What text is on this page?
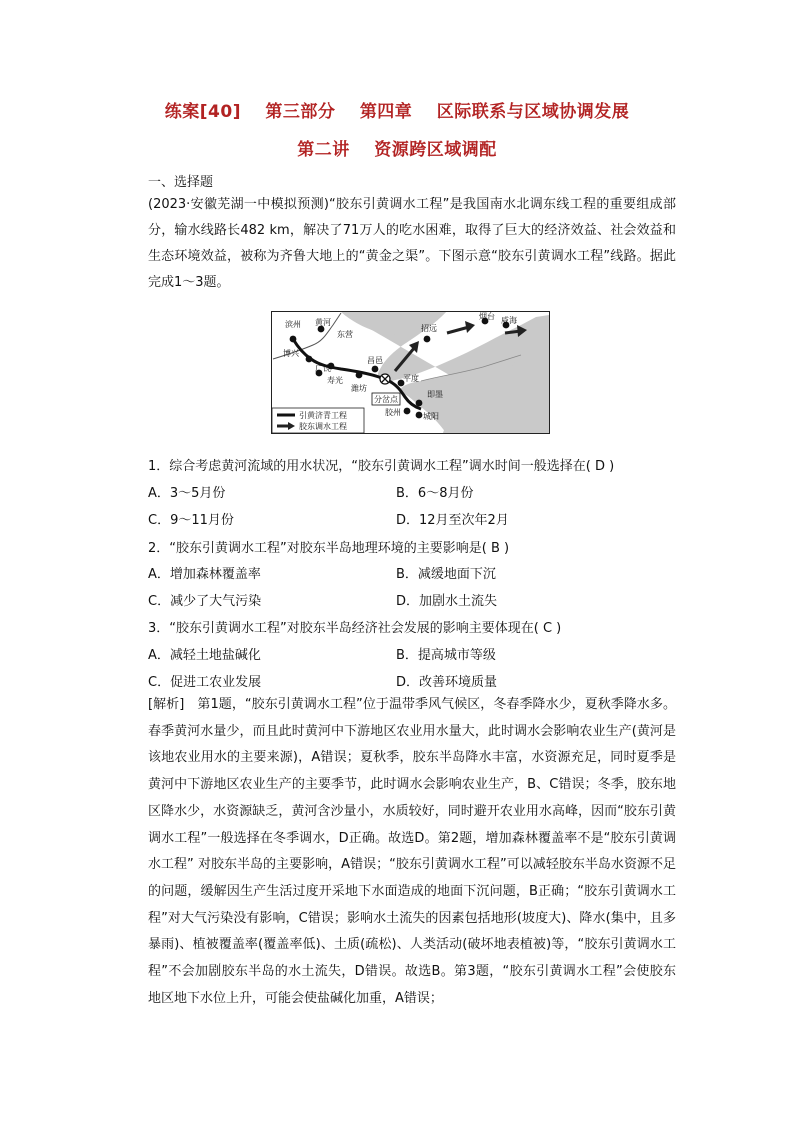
练案[40] 第三部分 第四章 区际联系与区域协调发展
第二讲 资源跨区域调配
一、选择题
(2023·安徽芜湖一中模拟预测)“胶东引黄调水工程”是我国南水北调东线工程的重要组成部分，输水线路长482 km，解决了71万人的吃水困难，取得了巨大的经济效益、社会效益和生态环境效益，被称为齐鲁大地上的“黄金之渠”。下图示意“胶东引黄调水工程”线路。据此完成1～3题。
滨州 黄河
东营
博兴
广饶
寿光
潍坊
昌邑
平度
分岔点
招远
烟台 威海
胶州
即墨
城阳
引黄济青工程
胶东调水工程
1．综合考虑黄河流域的用水状况，“胶东引黄调水工程”调水时间一般选择在( D )
A．3～5月份	B．6～8月份
C．9～11月份	D．12月至次年2月
2．“胶东引黄调水工程”对胶东半岛地理环境的主要影响是( B )
A．增加森林覆盖率	B．减缓地面下沉
C．减少了大气污染	D．加剧水土流失
3．“胶东引黄调水工程”对胶东半岛经济社会发展的影响主要体现在( C )
A．减轻土地盐碱化	B．提高城市等级
C．促进工农业发展	D．改善环境质量
[解析]　第1题，“胶东引黄调水工程”位于温带季风气候区，冬春季降水少，夏秋季降水多。春季黄河水量少，而且此时黄河中下游地区农业用水量大，此时调水会影响农业生产(黄河是该地农业用水的主要来源)，A错误；夏秋季，胶东半岛降水丰富，水资源充足，同时夏季是黄河中下游地区农业生产的主要季节，此时调水会影响农业生产，B、C错误；冬季，胶东地区降水少，水资源缺乏，黄河含沙量小，水质较好，同时避开农业用水高峰，因而“胶东引黄调水工程”一般选择在冬季调水，D正确。故选D。第2题，增加森林覆盖率不是“胶东引黄调水工程” 对胶东半岛的主要影响，A错误；“胶东引黄调水工程”可以减轻胶东半岛水资源不足的问题，缓解因生产生活过度开采地下水面造成的地面下沉问题，B正确；“胶东引黄调水工程”对大气污染没有影响，C错误；影响水土流失的因素包括地形(坡度大)、降水(集中，且多暴雨)、植被覆盖率(覆盖率低)、土质(疏松)、人类活动(破坏地表植被)等，“胶东引黄调水工程”不会加剧胶东半岛的水土流失，D错误。故选B。第3题，“胶东引黄调水工程”会使胶东地区地下水位上升，可能会使盐碱化加重，A错误；
